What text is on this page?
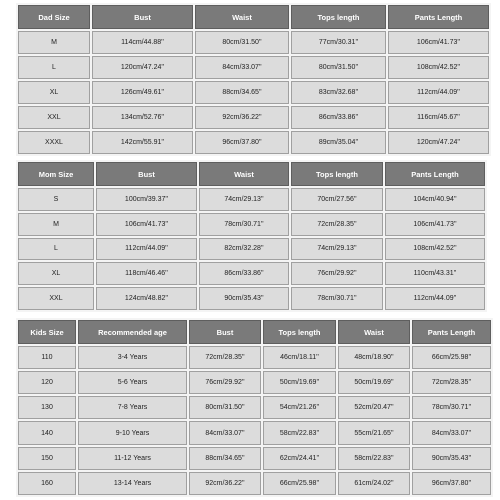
Dad Size	Bust	Waist	Tops length	Pants Length
M	114cm/44.88''	80cm/31.50''	77cm/30.31''	106cm/41.73''
L	120cm/47.24''	84cm/33.07''	80cm/31.50''	108cm/42.52''
XL	126cm/49.61''	88cm/34.65''	83cm/32.68''	112cm/44.09''
XXL	134cm/52.76''	92cm/36.22''	86cm/33.86''	116cm/45.67''
XXXL	142cm/55.91''	96cm/37.80''	89cm/35.04''	120cm/47.24''
Mom Size	Bust	Waist	Tops length	Pants Length
S	100cm/39.37''	74cm/29.13''	70cm/27.56''	104cm/40.94''
M	106cm/41.73''	78cm/30.71''	72cm/28.35''	106cm/41.73''
L	112cm/44.09''	82cm/32.28''	74cm/29.13''	108cm/42.52''
XL	118cm/46.46''	86cm/33.86''	76cm/29.92''	110cm/43.31''
XXL	124cm/48.82''	90cm/35.43''	78cm/30.71''	112cm/44.09''
Kids Size	Recommended age	Bust	Tops length	Waist	Pants Length
110	3-4 Years	72cm/28.35''	46cm/18.11''	48cm/18.90''	66cm/25.98''
120	5-6 Years	76cm/29.92''	50cm/19.69''	50cm/19.69''	72cm/28.35''
130	7-8 Years	80cm/31.50''	54cm/21.26''	52cm/20.47''	78cm/30.71''
140	9-10 Years	84cm/33.07''	58cm/22.83''	55cm/21.65''	84cm/33.07''
150	11-12 Years	88cm/34.65''	62cm/24.41''	58cm/22.83''	90cm/35.43''
160	13-14 Years	92cm/36.22''	66cm/25.98''	61cm/24.02''	96cm/37.80''
